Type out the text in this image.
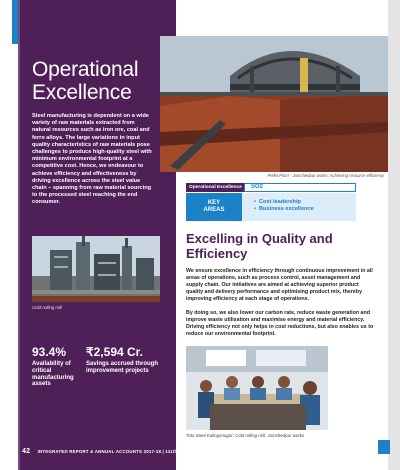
Operational
Excellence

Steel manufacturing is dependent on a wide variety of raw materials extracted from natural resources such as iron ore, coal and ferro alloys. The large variations in input quality characteristics of raw materials pose challenges to produce high-quality steel with minimum environmental footprint at a competitive cost. Hence, we endeavour to achieve efficiency and effectiveness by driving excellence across the steel value chain – spanning from raw material sourcing to the processed steel reaching the end consumer.

Cold-rolling mill
93.4%
Availability of critical manufacturing assets
₹2,594 Cr.
Savings accrued through improvement projects
42 INTEGRATED REPORT & ANNUAL ACCOUNTS 2017-18 | 111th YEAR
Pellet Plant - Jamshedpur works: Achieving resource efficiency
Operational Excellence	SO2
KEY
AREAS
• Cost leadership
• Business excellence
Excelling in Quality and Efficiency

We ensure excellence in efficiency through continuous improvement in all areas of operations, such as process control, asset management and supply chain. Our initiatives are aimed at achieving superior product quality and delivery performance and optimising product mix, thereby improving efficiency at each stage of operations.

By doing so, we also lower our carbon rate, reduce waste generation and improve waste utilisation and maximise energy and material efficiency. Driving efficiency not only helps in cost reductions, but also enables us to reduce our environmental footprint.

Tata Steel Kalinganagar: Cold rolling mill, Jamshedpur works
